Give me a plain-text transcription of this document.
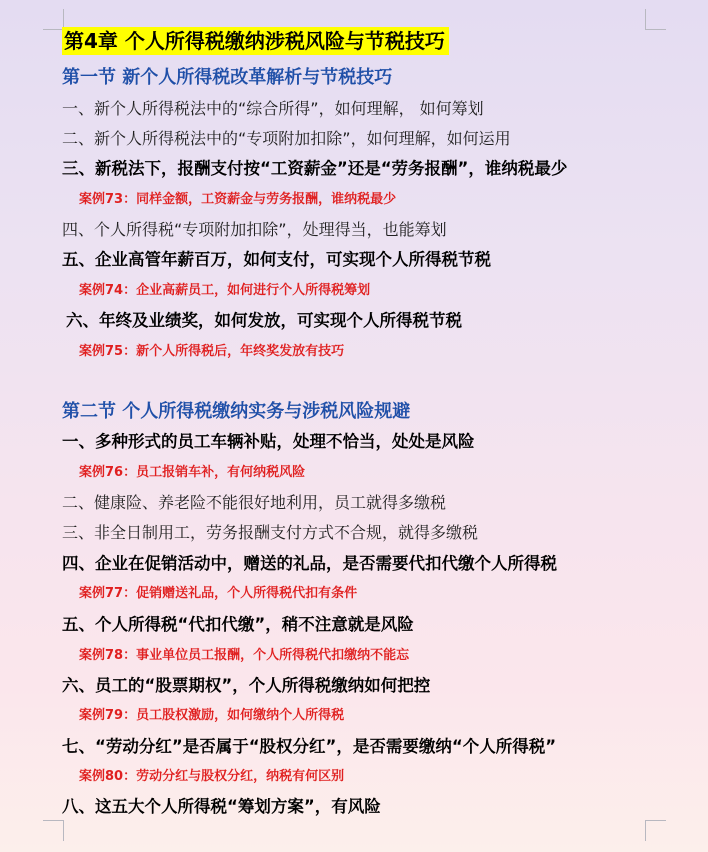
第4章 个人所得税缴纳涉税风险与节税技巧
第一节 新个人所得税改革解析与节税技巧
一、新个人所得税法中的“综合所得”，如何理解， 如何筹划
二、新个人所得税法中的“专项附加扣除”，如何理解，如何运用
三、新税法下，报酬支付按“工资薪金”还是“劳务报酬”，谁纳税最少
案例73：同样金额，工资薪金与劳务报酬，谁纳税最少
四、个人所得税“专项附加扣除”，处理得当，也能筹划
五、企业高管年薪百万，如何支付，可实现个人所得税节税
案例74：企业高薪员工，如何进行个人所得税筹划
六、年终及业绩奖，如何发放，可实现个人所得税节税
案例75：新个人所得税后，年终奖发放有技巧
第二节 个人所得税缴纳实务与涉税风险规避
一、多种形式的员工车辆补贴，处理不恰当，处处是风险
案例76：员工报销车补，有何纳税风险
二、健康险、养老险不能很好地利用，员工就得多缴税
三、非全日制用工，劳务报酬支付方式不合规，就得多缴税
四、企业在促销活动中，赠送的礼品，是否需要代扣代缴个人所得税
案例77：促销赠送礼品，个人所得税代扣有条件
五、个人所得税“代扣代缴”，稍不注意就是风险
案例78：事业单位员工报酬，个人所得税代扣缴纳不能忘
六、员工的“股票期权”，个人所得税缴纳如何把控
案例79：员工股权激励，如何缴纳个人所得税
七、“劳动分红”是否属于“股权分红”，是否需要缴纳“个人所得税”
案例80：劳动分红与股权分红，纳税有何区别
八、这五大个人所得税“筹划方案”，有风险
